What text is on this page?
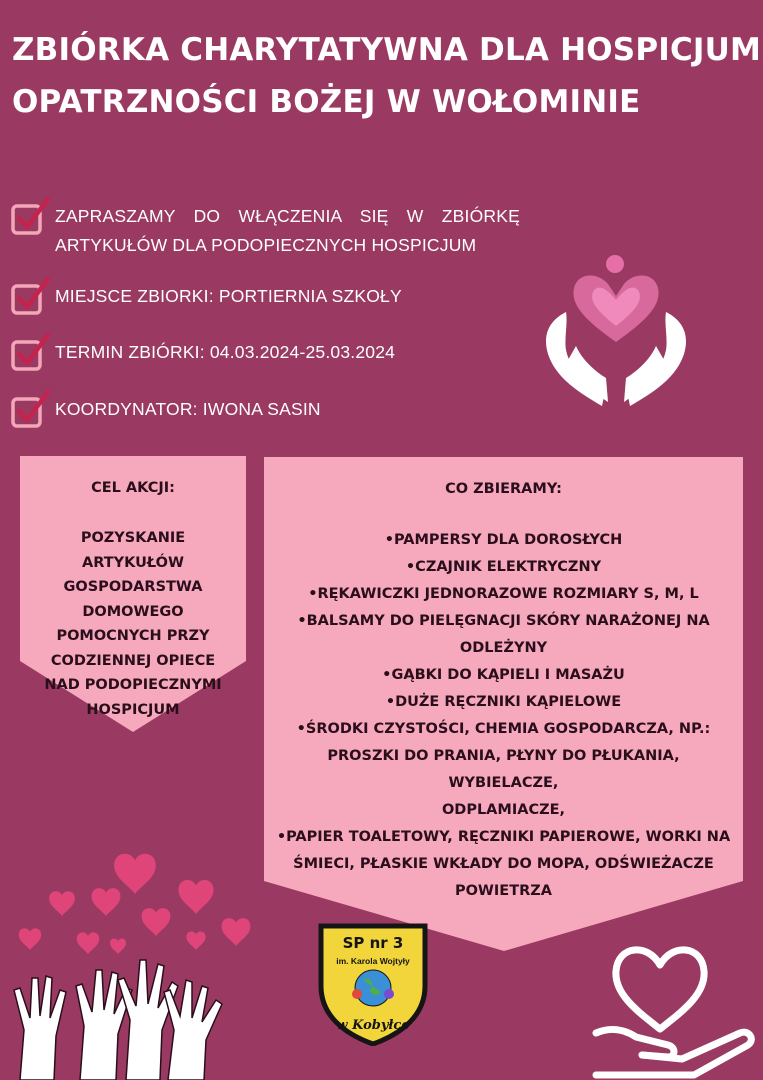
ZBIÓRKA CHARYTATYWNA DLA HOSPICJUM
OPATRZNOŚCI BOŻEJ W WOŁOMINIE
ZAPRASZAMY DO WŁĄCZENIA SIĘ W ZBIÓRKĘ
ARTYKUŁÓW DLA PODOPIECZNYCH HOSPICJUM
MIEJSCE ZBIORKI: PORTIERNIA SZKOŁY
TERMIN ZBIÓRKI: 04.03.2024-25.03.2024
KOORDYNATOR: IWONA SASIN
CEL AKCJI:
POZYSKANIE ARTYKUŁÓW GOSPODARSTWA DOMOWEGO POMOCNYCH PRZY CODZIENNEJ OPIECE NAD PODOPIECZNYMI HOSPICJUM
CO ZBIERAMY:
•PAMPERSY DLA DOROSŁYCH
•CZAJNIK ELEKTRYCZNY
•RĘKAWICZKI JEDNORAZOWE ROZMIARY S, M, L
•BALSAMY DO PIELĘGNACJI SKÓRY NARAŻONEJ NA
ODLEŻYNY
•GĄBKI DO KĄPIELI I MASAŻU
•DUŻE RĘCZNIKI KĄPIELOWE
•ŚRODKI CZYSTOŚCI, CHEMIA GOSPODARCZA, NP.:
PROSZKI DO PRANIA, PŁYNY DO PŁUKANIA, WYBIELACZE,
ODPLAMIACZE,
•PAPIER TOALETOWY, RĘCZNIKI PAPIEROWE, WORKI NA
ŚMIECI, PŁASKIE WKŁADY DO MOPA, ODŚWIEŻACZE
POWIETRZA
SP nr 3
im. Karola Wojtyły
w Kobyłce
